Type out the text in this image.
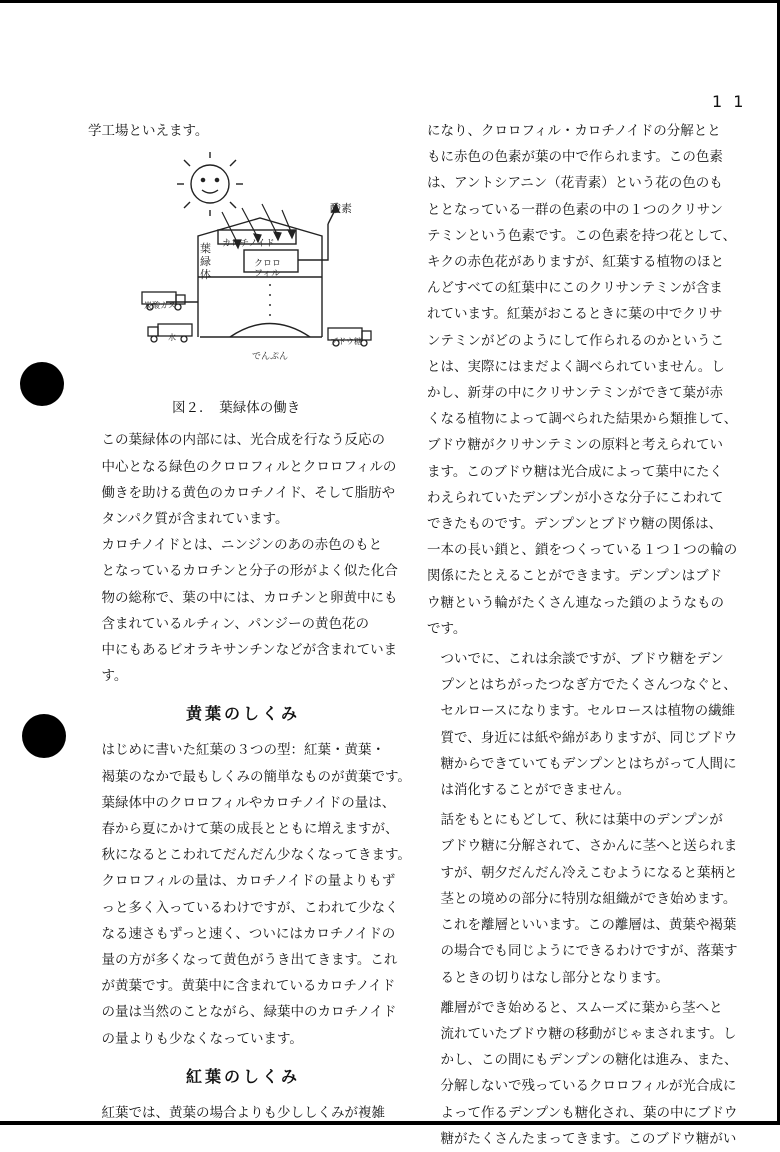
1 1

学工場といえます。

酸素
葉緑体
カロチノイド
クロロ
フィル
でんぷん
炭酸ガス
水	ブドウ糖
図２．　葉緑体の働き

この葉緑体の内部には、光合成を行なう反応の
中心となる緑色のクロロフィルとクロロフィルの
働きを助ける黄色のカロチノイド、そして脂肪や
タンパク質が含まれています。

カロチノイドとは、ニンジンのあの赤色のもと
となっているカロチンと分子の形がよく似た化合
物の総称で、葉の中には、カロチンと卵黄中にも
含まれているルチィン、パンジーの黄色花の
中にもあるビオラキサンチンなどが含まれていま
す。

黄葉のしくみ

はじめに書いた紅葉の３つの型：紅葉・黄葉・
褐葉のなかで最もしくみの簡単なものが黄葉です。

葉緑体中のクロロフィルやカロチノイドの量は、
春から夏にかけて葉の成長とともに増えますが、
秋になるとこわれてだんだん少なくなってきます。
クロロフィルの量は、カロチノイドの量よりもず
っと多く入っているわけですが、こわれて少なく
なる速さもずっと速く、ついにはカロチノイドの
量の方が多くなって黄色がうき出てきます。これ
が黄葉です。黄葉中に含まれているカロチノイド
の量は当然のことながら、緑葉中のカロチノイド
の量よりも少なくなっています。

紅葉のしくみ

紅葉では、黄葉の場合よりも少ししくみが複雑

になり、クロロフィル・カロチノイドの分解とと
もに赤色の色素が葉の中で作られます。この色素
は、アントシアニン（花青素）という花の色のも
ととなっている一群の色素の中の１つのクリサン
テミンという色素です。この色素を持つ花として、
キクの赤色花がありますが、紅葉する植物のほと
んどすべての紅葉中にこのクリサンテミンが含ま
れています。紅葉がおこるときに葉の中でクリサ
ンテミンがどのようにして作られるのかというこ
とは、実際にはまだよく調べられていません。し
かし、新芽の中にクリサンテミンができて葉が赤
くなる植物によって調べられた結果から類推して、
ブドウ糖がクリサンテミンの原料と考えられてい
ます。このブドウ糖は光合成によって葉中にたく
わえられていたデンプンが小さな分子にこわれて
できたものです。デンプンとブドウ糖の関係は、
一本の長い鎖と、鎖をつくっている１つ１つの輪の
関係にたとえることができます。デンプンはブド
ウ糖という輪がたくさん連なった鎖のようなもの
です。

ついでに、これは余談ですが、ブドウ糖をデン
プンとはちがったつなぎ方でたくさんつなぐと、
セルロースになります。セルロースは植物の繊維
質で、身近には紙や綿がありますが、同じブドウ
糖からできていてもデンプンとはちがって人間に
は消化することができません。

話をもとにもどして、秋には葉中のデンプンが
ブドウ糖に分解されて、さかんに茎へと送られま
すが、朝夕だんだん冷えこむようになると葉柄と
茎との境めの部分に特別な組織ができ始めます。
これを離層といいます。この離層は、黄葉や褐葉
の場合でも同じようにできるわけですが、落葉す
るときの切りはなし部分となります。

離層ができ始めると、スムーズに葉から茎へと
流れていたブドウ糖の移動がじゃまされます。し
かし、この間にもデンプンの糖化は進み、また、
分解しないで残っているクロロフィルが光合成に
よって作るデンプンも糖化され、葉の中にブドウ
糖がたくさんたまってきます。このブドウ糖がい
